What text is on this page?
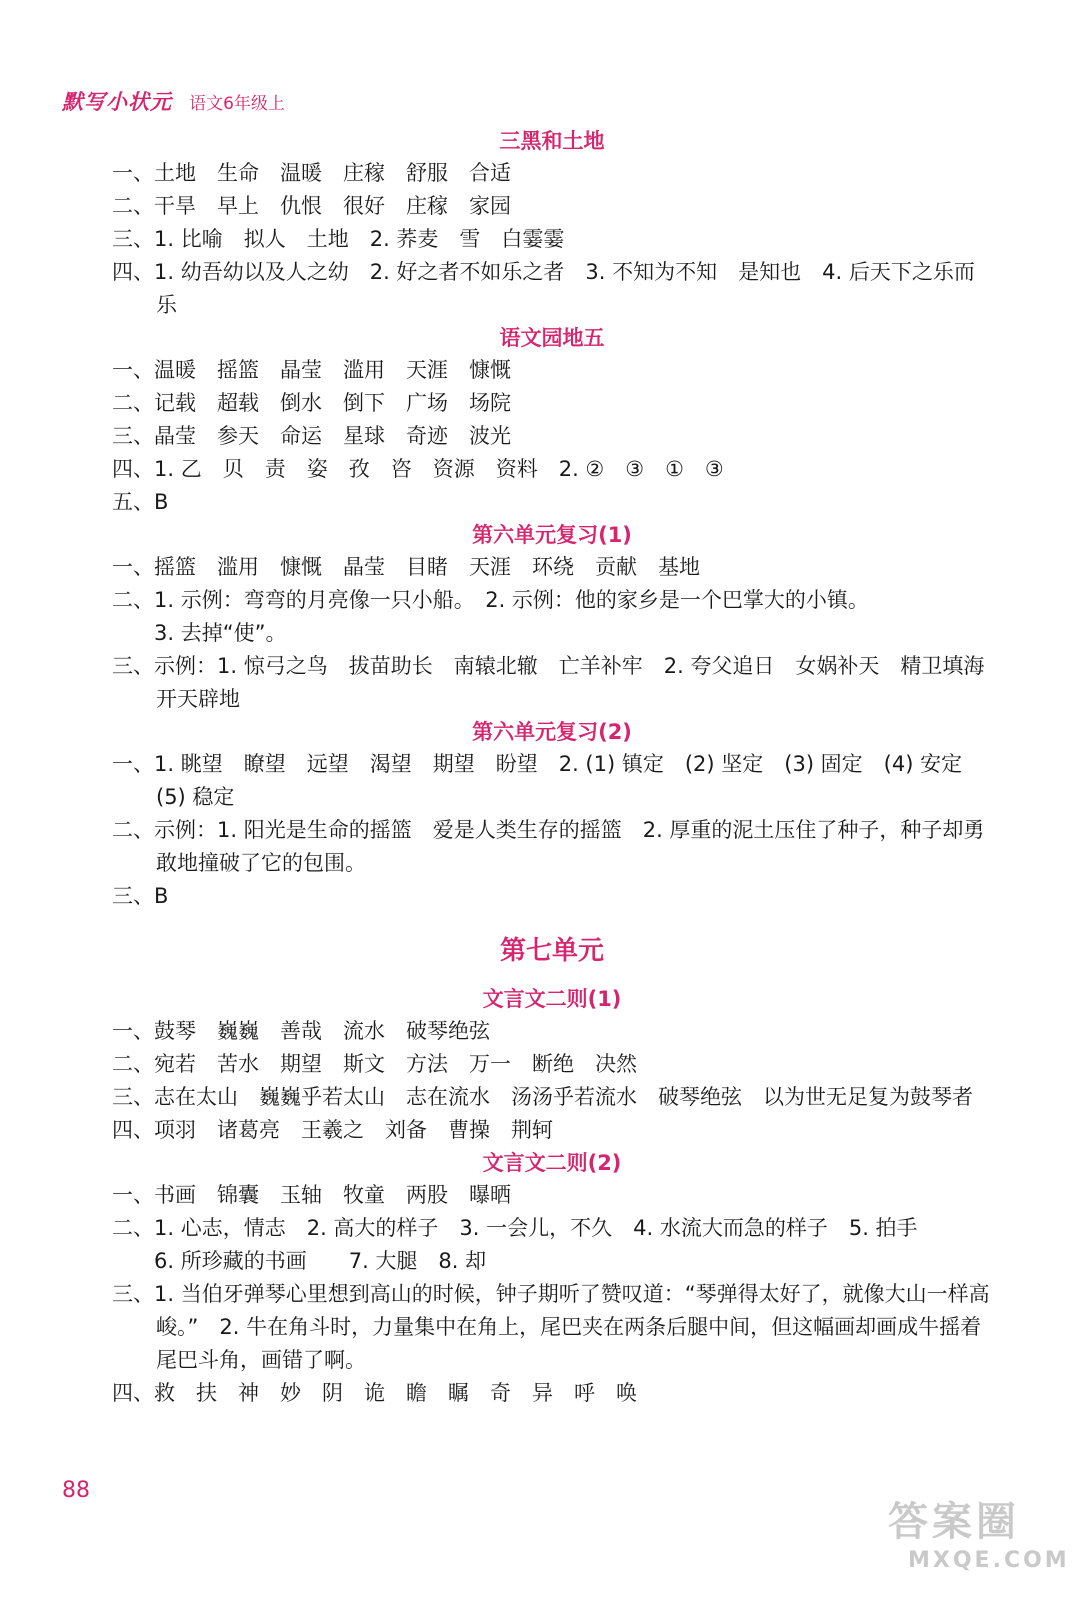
默写小状元 语文6年级上
三黑和土地
一、土地　生命　温暖　庄稼　舒服　合适
二、干旱　早上　仇恨　很好　庄稼　家园
三、1. 比喻　拟人　土地　2. 荞麦　雪　白霎霎
四、1. 幼吾幼以及人之幼　2. 好之者不如乐之者　3. 不知为不知　是知也　4. 后天下之乐而乐
语文园地五
一、温暖　摇篮　晶莹　滥用　天涯　慷慨
二、记载　超载　倒水　倒下　广场　场院
三、晶莹　参天　命运　星球　奇迹　波光
四、1. 乙　贝　责　姿　孜　咨　资源　资料　2. ②　③　①　③
五、B
第六单元复习(1)
一、摇篮　滥用　慷慨　晶莹　目睹　天涯　环绕　贡献　基地
二、1. 示例：弯弯的月亮像一只小船。　2. 示例：他的家乡是一个巴掌大的小镇。
　　3. 去掉“使”。
三、示例：1. 惊弓之鸟　拔苗助长　南辕北辙　亡羊补牢　2. 夸父追日　女娲补天　精卫填海　开天辟地
第六单元复习(2)
一、1. 眺望　瞭望　远望　渴望　期望　盼望　2. (1) 镇定　(2) 坚定　(3) 固定　(4) 安定　(5) 稳定
二、示例：1. 阳光是生命的摇篮　爱是人类生存的摇篮　2. 厚重的泥土压住了种子，种子却勇敢地撞破了它的包围。
三、B
第七单元
文言文二则(1)
一、鼓琴　巍巍　善哉　流水　破琴绝弦
二、宛若　苦水　期望　斯文　方法　万一　断绝　决然
三、志在太山　巍巍乎若太山　志在流水　汤汤乎若流水　破琴绝弦　以为世无足复为鼓琴者
四、项羽　诸葛亮　王羲之　刘备　曹操　荆轲
文言文二则(2)
一、书画　锦囊　玉轴　牧童　两股　曝晒
二、1. 心志，情志　2. 高大的样子　3. 一会儿，不久　4. 水流大而急的样子　5. 拍手
　　6. 所珍藏的书画　　7. 大腿　8. 却
三、1. 当伯牙弹琴心里想到高山的时候，钟子期听了赞叹道：“琴弹得太好了，就像大山一样高峻。”　2. 牛在角斗时，力量集中在角上，尾巴夹在两条后腿中间，但这幅画却画成牛摇着尾巴斗角，画错了啊。
四、救　扶　神　妙　阴　诡　瞻　瞩　奇　异　呼　唤
88
答案圈
MXQE.COM
